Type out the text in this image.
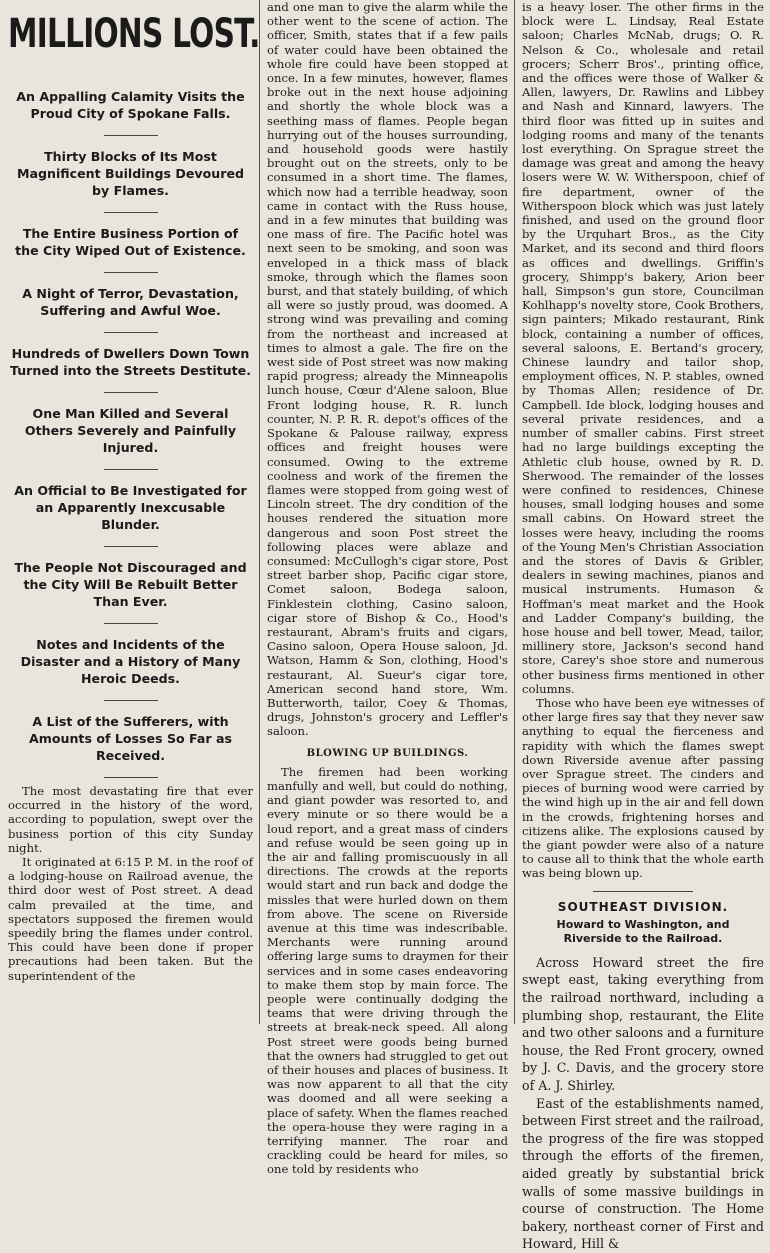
MILLIONS LOST.
An Appalling Calamity Visits the Proud City of Spokane Falls.
Thirty Blocks of Its Most Magnificent Buildings Devoured by Flames.
The Entire Business Portion of the City Wiped Out of Existence.
A Night of Terror, Devastation, Suffering and Awful Woe.
Hundreds of Dwellers Down Town Turned into the Streets Destitute.
One Man Killed and Several Others Severely and Painfully Injured.
An Official to Be Investigated for an Apparently Inexcusable Blunder.
The People Not Discouraged and the City Will Be Rebuilt Better Than Ever.
Notes and Incidents of the Disaster and a History of Many Heroic Deeds.
A List of the Sufferers, with Amounts of Losses So Far as Received.

The most devastating fire that ever occurred in the history of the word, according to population, swept over the business portion of this city Sunday night.

It originated at 6:15 P. M. in the roof of a lodging-house on Railroad avenue, the third door west of Post street. A dead calm prevailed at the time, and spectators supposed the firemen would speedily bring the flames under control. This could have been done if proper precautions had been taken. But the superintendent of the

and one man to give the alarm while the other went to the scene of action. The officer, Smith, states that if a few pails of water could have been obtained the whole fire could have been stopped at once. In a few minutes, however, flames broke out in the next house adjoining and shortly the whole block was a seething mass of flames. People began hurrying out of the houses surrounding, and household goods were hastily brought out on the streets, only to be consumed in a short time. The flames, which now had a terrible headway, soon came in contact with the Russ house, and in a few minutes that building was one mass of fire. The Pacific hotel was next seen to be smoking, and soon was enveloped in a thick mass of black smoke, through which the flames soon burst, and that stately building, of which all were so justly proud, was doomed. A strong wind was prevailing and coming from the northeast and increased at times to almost a gale. The fire on the west side of Post street was now making rapid progress; already the Minneapolis lunch house, Cœur d'Alene saloon, Blue Front lodging house, R. R. lunch counter, N. P. R. R. depot's offices of the Spokane & Palouse railway, express offices and freight houses were consumed. Owing to the extreme coolness and work of the firemen the flames were stopped from going west of Lincoln street. The dry condition of the houses rendered the situation more dangerous and soon Post street the following places were ablaze and consumed: McCullogh's cigar store, Post street barber shop, Pacific cigar store, Comet saloon, Bodega saloon, Finklestein clothing, Casino saloon, cigar store of Bishop & Co., Hood's restaurant, Abram's fruits and cigars, Casino saloon, Opera House saloon, Jd. Watson, Hamm & Son, clothing, Hood's restaurant, Al. Sueur's cigar tore, American second hand store, Wm. Butterworth, tailor, Coey & Thomas, drugs, Johnston's grocery and Leffler's saloon.

BLOWING UP BUILDINGS.

The firemen had been working manfully and well, but could do nothing, and giant powder was resorted to, and every minute or so there would be a loud report, and a great mass of cinders and refuse would be seen going up in the air and falling promiscuously in all directions. The crowds at the reports would start and run back and dodge the missles that were hurled down on them from above. The scene on Riverside avenue at this time was indescribable. Merchants were running around offering large sums to draymen for their services and in some cases endeavoring to make them stop by main force. The people were continually dodging the teams that were driving through the streets at break-neck speed. All along Post street were goods being burned that the owners had struggled to get out of their houses and places of business. It was now apparent to all that the city was doomed and all were seeking a place of safety. When the flames reached the opera-house they were raging in a terrifying manner. The roar and crackling could be heard for miles, so one told by residents who

is a heavy loser. The other firms in the block were L. Lindsay, Real Estate saloon; Charles McNab, drugs; O. R. Nelson & Co., wholesale and retail grocers; Scherr Bros'., printing office, and the offices were those of Walker & Allen, lawyers, Dr. Rawlins and Libbey and Nash and Kinnard, lawyers. The third floor was fitted up in suites and lodging rooms and many of the tenants lost everything. On Sprague street the damage was great and among the heavy losers were W. W. Witherspoon, chief of fire department, owner of the Witherspoon block which was just lately finished, and used on the ground floor by the Urquhart Bros., as the City Market, and its second and third floors as offices and dwellings. Griffin's grocery, Shimpp's bakery, Arion beer hall, Simpson's gun store, Councilman Kohlhapp's novelty store, Cook Brothers, sign painters; Mikado restaurant, Rink block, containing a number of offices, several saloons, E. Bertand's grocery, Chinese laundry and tailor shop, employment offices, N. P. stables, owned by Thomas Allen; residence of Dr. Campbell. Ide block, lodging houses and several private residences, and a number of smaller cabins. First street had no large buildings excepting the Athletic club house, owned by R. D. Sherwood. The remainder of the losses were confined to residences, Chinese houses, small lodging houses and some small cabins. On Howard street the losses were heavy, including the rooms of the Young Men's Christian Association and the stores of Davis & Gribler, dealers in sewing machines, pianos and musical instruments. Humason & Hoffman's meat market and the Hook and Ladder Company's building, the hose house and bell tower, Mead, tailor, millinery store, Jackson's second hand store, Carey's shoe store and numerous other business firms mentioned in other columns.

Those who have been eye witnesses of other large fires say that they never saw anything to equal the fierceness and rapidity with which the flames swept down Riverside avenue after passing over Sprague street. The cinders and pieces of burning wood were carried by the wind high up in the air and fell down in the crowds, frightening horses and citizens alike. The explosions caused by the giant powder were also of a nature to cause all to think that the whole earth was being blown up.

SOUTHEAST DIVISION.
Howard to Washington, and Riverside to the Railroad.

Across Howard street the fire swept east, taking everything from the railroad northward, including a plumbing shop, restaurant, the Elite and two other saloons and a furniture house, the Red Front grocery, owned by J. C. Davis, and the grocery store of A. J. Shirley.

East of the establishments named, between First street and the railroad, the progress of the fire was stopped through the efforts of the firemen, aided greatly by substantial brick walls of some massive buildings in course of construction. The Home bakery, northeast corner of First and Howard, Hill &
